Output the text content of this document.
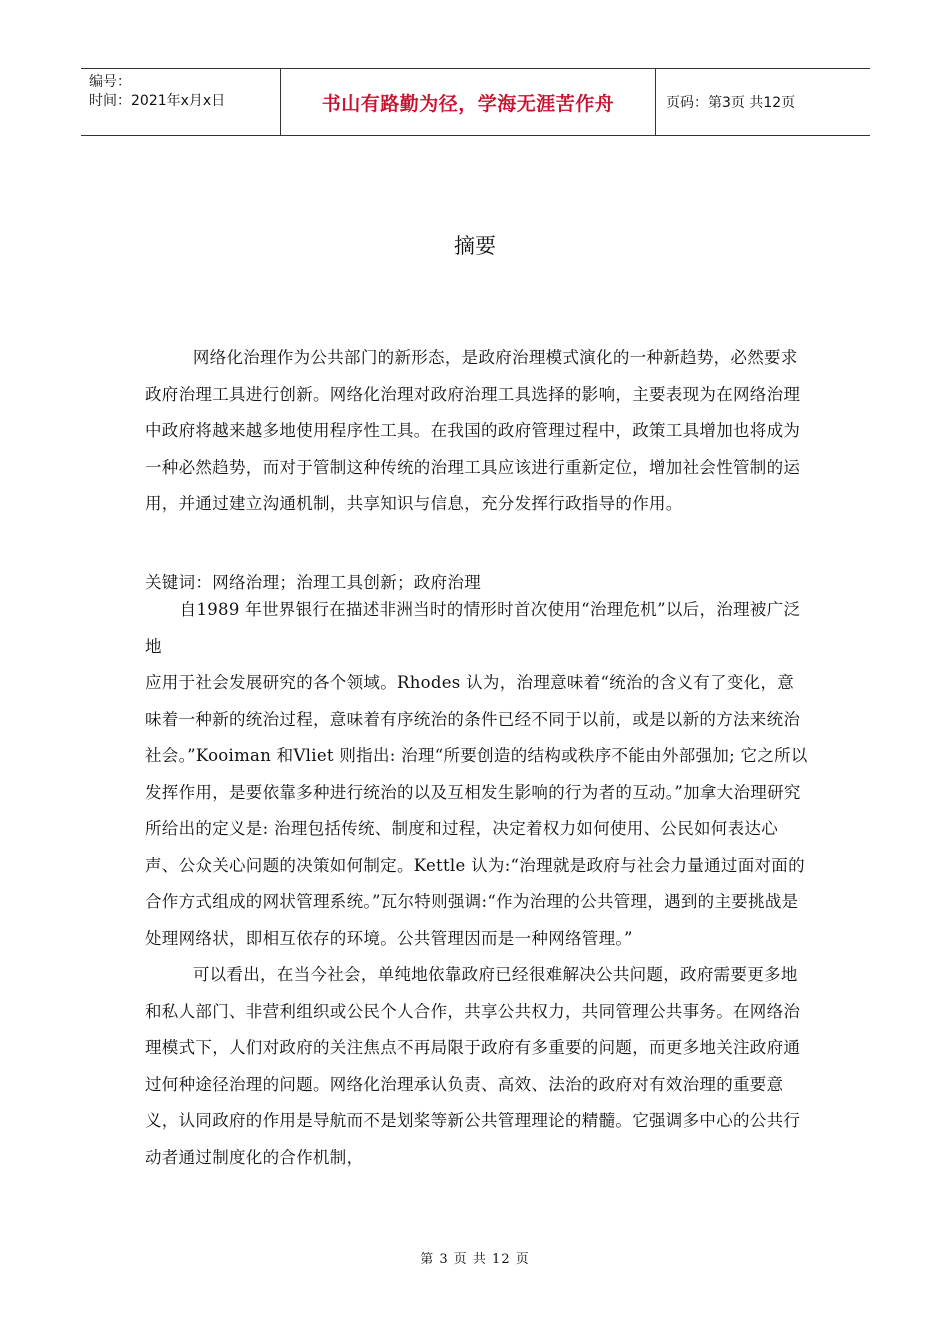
编号：
时间：2021年x月x日	书山有路勤为径，学海无涯苦作舟	页码：第3页 共12页
摘要

网络化治理作为公共部门的新形态，是政府治理模式演化的一种新趋势，必然要求政府治理工具进行创新。网络化治理对政府治理工具选择的影响，主要表现为在网络治理中政府将越来越多地使用程序性工具。在我国的政府管理过程中，政策工具增加也将成为一种必然趋势，而对于管制这种传统的治理工具应该进行重新定位，增加社会性管制的运用，并通过建立沟通机制，共享知识与信息，充分发挥行政指导的作用。

关键词：网络治理；治理工具创新；政府治理

自1989 年世界银行在描述非洲当时的情形时首次使用“治理危机”以后，治理被广泛地

应用于社会发展研究的各个领域。Rhodes 认为，治理意味着“统治的含义有了变化，意味着一种新的统治过程，意味着有序统治的条件已经不同于以前，或是以新的方法来统治社会。”Kooiman 和Vliet 则指出: 治理“所要创造的结构或秩序不能由外部强加; 它之所以发挥作用，是要依靠多种进行统治的以及互相发生影响的行为者的互动。”加拿大治理研究所给出的定义是: 治理包括传统、制度和过程，决定着权力如何使用、公民如何表达心声、公众关心问题的决策如何制定。Kettle 认为:“治理就是政府与社会力量通过面对面的合作方式组成的网状管理系统。”瓦尔特则强调:“作为治理的公共管理，遇到的主要挑战是处理网络状，即相互依存的环境。公共管理因而是一种网络管理。”

可以看出，在当今社会，单纯地依靠政府已经很难解决公共问题，政府需要更多地和私人部门、非营利组织或公民个人合作，共享公共权力，共同管理公共事务。在网络治理模式下，人们对政府的关注焦点不再局限于政府有多重要的问题，而更多地关注政府通过何种途径治理的问题。网络化治理承认负责、高效、法治的政府对有效治理的重要意义，认同政府的作用是导航而不是划桨等新公共管理理论的精髓。它强调多中心的公共行动者通过制度化的合作机制，

第 3 页 共 12 页
